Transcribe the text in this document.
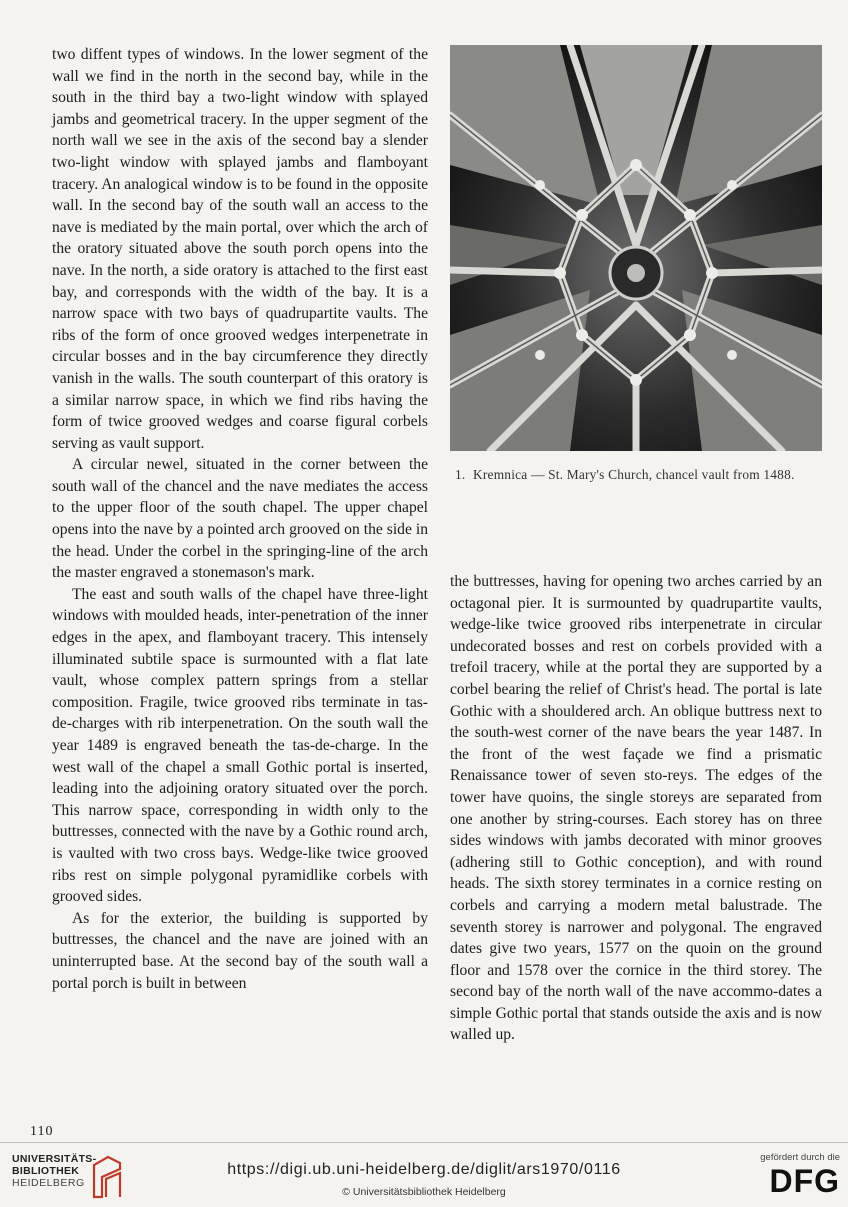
two diffent types of windows. In the lower segment of the wall we find in the north in the second bay, while in the south in the third bay a two-light window with splayed jambs and geometrical tracery. In the upper segment of the north wall we see in the axis of the second bay a slender two-light window with splayed jambs and flamboyant tracery. An analogical window is to be found in the opposite wall. In the second bay of the south wall an access to the nave is mediated by the main portal, over which the arch of the oratory situated above the south porch opens into the nave. In the north, a side oratory is attached to the first east bay, and corresponds with the width of the bay. It is a narrow space with two bays of quadrupartite vaults. The ribs of the form of once grooved wedges interpenetrate in circular bosses and in the bay circumference they directly vanish in the walls. The south counterpart of this oratory is a similar narrow space, in which we find ribs having the form of twice grooved wedges and coarse figural corbels serving as vault support.

A circular newel, situated in the corner between the south wall of the chancel and the nave mediates the access to the upper floor of the south chapel. The upper chapel opens into the nave by a pointed arch grooved on the side in the head. Under the corbel in the springing-line of the arch the master engraved a stonemason's mark.

The east and south walls of the chapel have three-light windows with moulded heads, inter-penetration of the inner edges in the apex, and flamboyant tracery. This intensely illuminated subtile space is surmounted with a flat late vault, whose complex pattern springs from a stellar composition. Fragile, twice grooved ribs terminate in tas-de-charges with rib interpenetration. On the south wall the year 1489 is engraved beneath the tas-de-charge. In the west wall of the chapel a small Gothic portal is inserted, leading into the adjoining oratory situated over the porch. This narrow space, corresponding in width only to the buttresses, connected with the nave by a Gothic round arch, is vaulted with two cross bays. Wedge-like twice grooved ribs rest on simple polygonal pyramidlike corbels with grooved sides.

As for the exterior, the building is supported by buttresses, the chancel and the nave are joined with an uninterrupted base. At the second bay of the south wall a portal porch is built in between

1. Kremnica — St. Mary's Church, chancel vault from 1488.

the buttresses, having for opening two arches carried by an octagonal pier. It is surmounted by quadrupartite vaults, wedge-like twice grooved ribs interpenetrate in circular undecorated bosses and rest on corbels provided with a trefoil tracery, while at the portal they are supported by a corbel bearing the relief of Christ's head. The portal is late Gothic with a shouldered arch. An oblique buttress next to the south-west corner of the nave bears the year 1487. In the front of the west façade we find a prismatic Renaissance tower of seven sto-reys. The edges of the tower have quoins, the single storeys are separated from one another by string-courses. Each storey has on three sides windows with jambs decorated with minor grooves (adhering still to Gothic conception), and with round heads. The sixth storey terminates in a cornice resting on corbels and carrying a modern metal balustrade. The seventh storey is narrower and polygonal. The engraved dates give two years, 1577 on the quoin on the ground floor and 1578 over the cornice in the third storey. The second bay of the north wall of the nave accommo-dates a simple Gothic portal that stands outside the axis and is now walled up.

110
UNIVERSITÄTS-
BIBLIOTHEK
HEIDELBERG
https://digi.ub.uni-heidelberg.de/diglit/ars1970/0116
© Universitätsbibliothek Heidelberg
gefördert durch die
DFG
